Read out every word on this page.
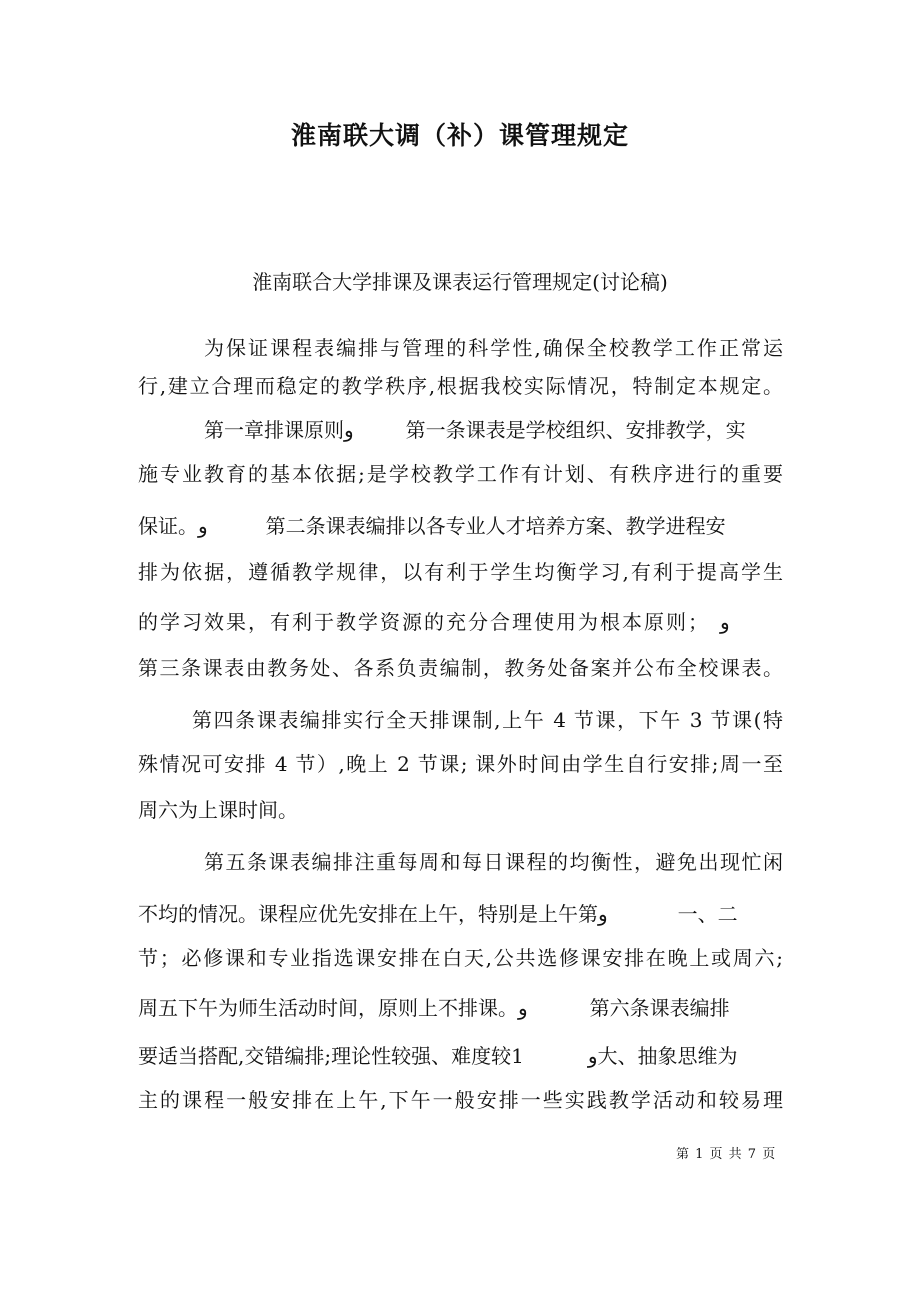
淮南联大调（补）课管理规定
淮南联合大学排课及课表运行管理规定(讨论稿)
为保证课程表编排与管理的科学性,确保全校教学工作正常运
行,建立合理而稳定的教学秩序,根据我校实际情况，特制定本规定。
第一章排课原则و	第一条课表是学校组织、安排教学，实
施专业教育的基本依据;是学校教学工作有计划、有秩序进行的重要
保证。و	第二条课表编排以各专业人才培养方案、教学进程安
排为依据，遵循教学规律，以有利于学生均衡学习,有利于提高学生
的学习效果，有利于教学资源的充分合理使用为根本原则； و
第三条课表由教务处、各系负责编制，教务处备案并公布全校课表。
第四条课表编排实行全天排课制,上午 4 节课，下午 3 节课(特
殊情况可安排 4 节）,晚上 2 节课; 课外时间由学生自行安排;周一至
周六为上课时间。
第五条课表编排注重每周和每日课程的均衡性，避免出现忙闲
不均的情况。课程应优先安排在上午，特别是上午第و	一、二
节；必修课和专业指选课安排在白天,公共选修课安排在晚上或周六;
周五下午为师生活动时间，原则上不排课。و	第六条课表编排
要适当搭配,交错编排;理论性较强、难度较1	و大、抽象思维为
主的课程一般安排在上午,下午一般安排一些实践教学活动和较易理
第 1 页 共 7 页
